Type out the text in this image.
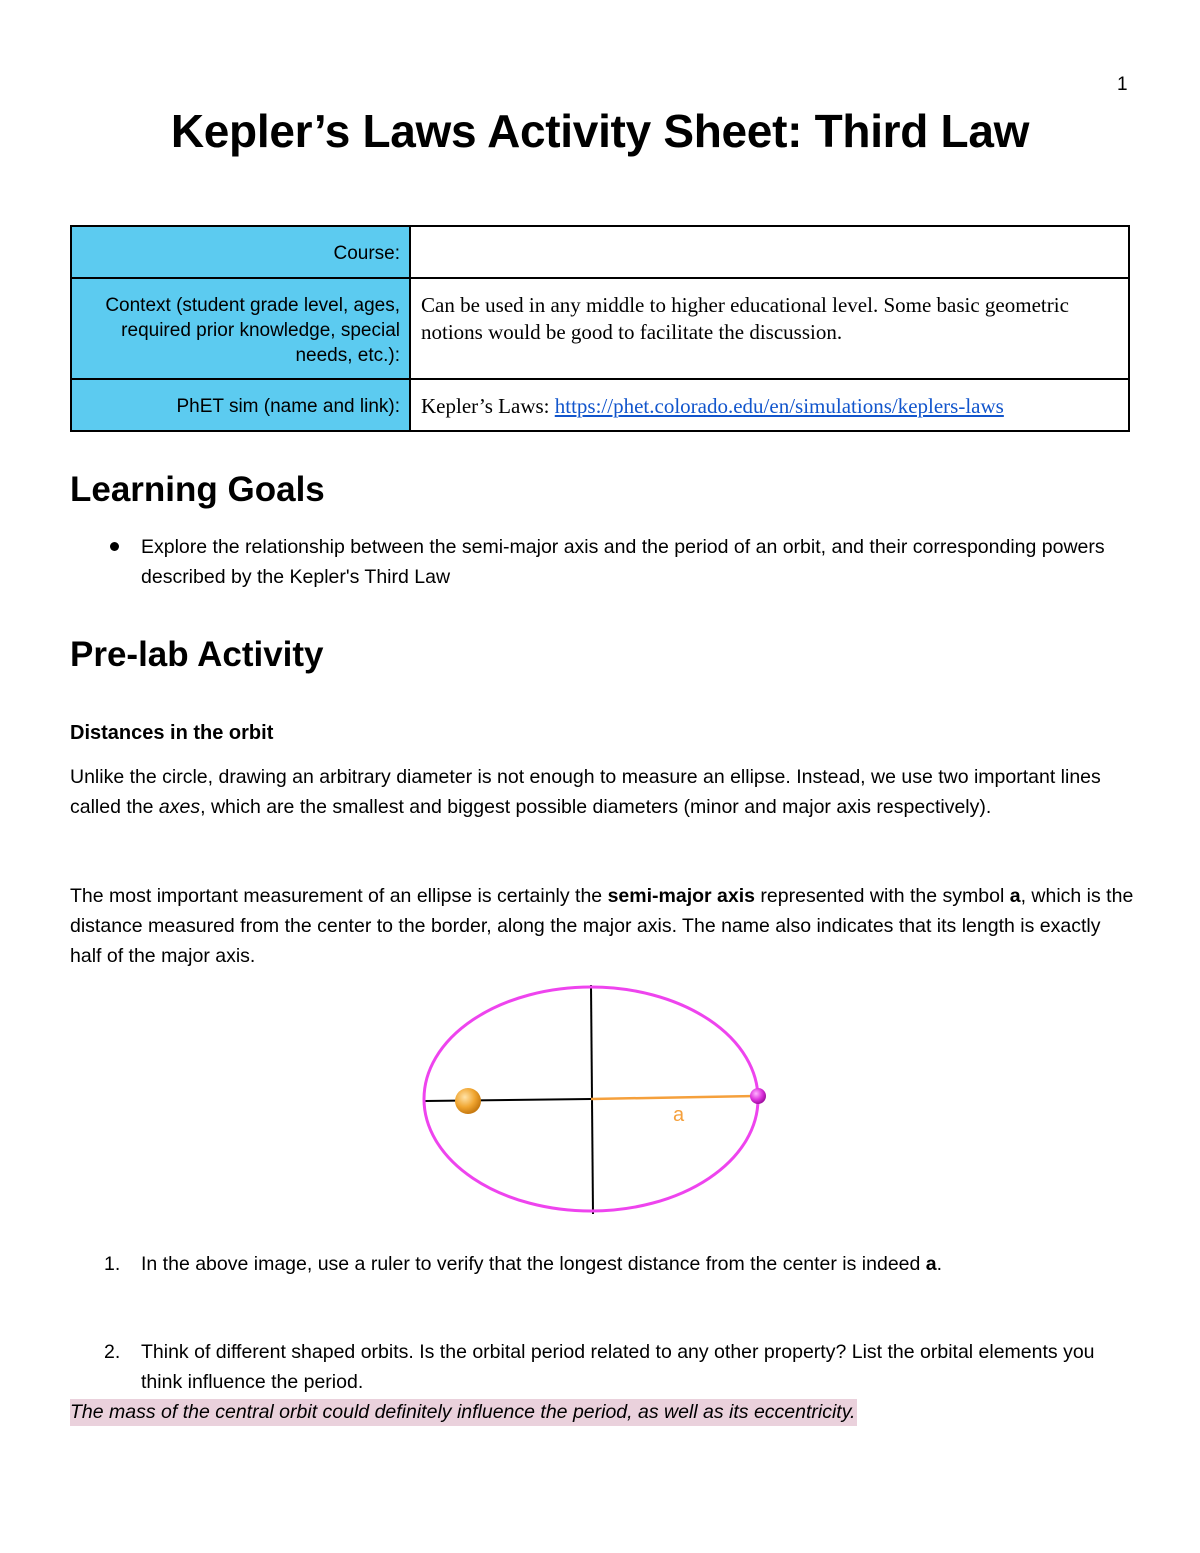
1
Kepler’s Laws Activity Sheet: Third Law
Course:	
Context (student grade level, ages, required prior knowledge, special needs, etc.):	Can be used in any middle to higher educational level. Some basic geometric notions would be good to facilitate the discussion.
PhET sim (name and link):	Kepler’s Laws: https://phet.colorado.edu/en/simulations/keplers-laws
Learning Goals
Explore the relationship between the semi-major axis and the period of an orbit, and their corresponding powers described by the Kepler's Third Law
Pre-lab Activity
Distances in the orbit

Unlike the circle, drawing an arbitrary diameter is not enough to measure an ellipse. Instead, we use two important lines called the axes, which are the smallest and biggest possible diameters (minor and major axis respectively).

The most important measurement of an ellipse is certainly the semi-major axis represented with the symbol a, which is the distance measured from the center to the border, along the major axis. The name also indicates that its length is exactly half of the major axis.

a
1. In the above image, use a ruler to verify that the longest distance from the center is indeed a.

2. Think of different shaped orbits. Is the orbital period related to any other property? List the orbital elements you think influence the period.

The mass of the central orbit could definitely influence the period, as well as its eccentricity.
